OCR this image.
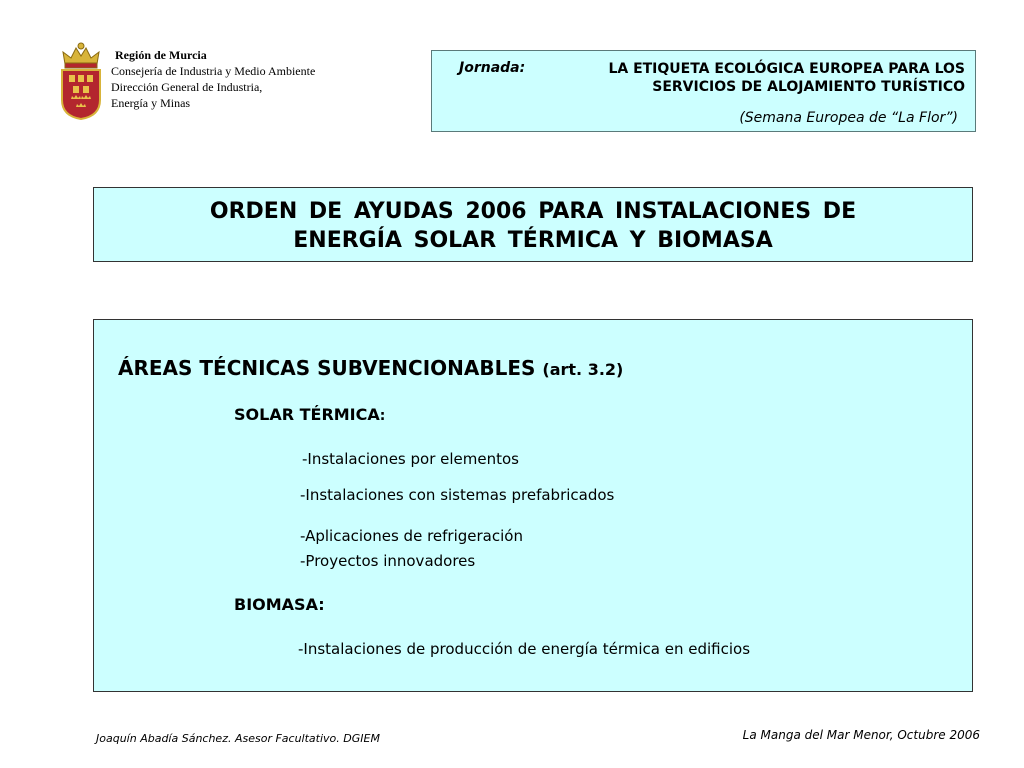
Región de Murcia
Consejería de Industria y Medio Ambiente
Dirección General de Industria,
Energía y Minas
Jornada:	LA ETIQUETA ECOLÓGICA EUROPEA PARA LOS
SERVICIOS DE ALOJAMIENTO TURÍSTICO
(Semana Europea de “La Flor”)
ORDEN DE AYUDAS 2006 PARA INSTALACIONES DE
ENERGÍA SOLAR TÉRMICA Y BIOMASA
ÁREAS TÉCNICAS SUBVENCIONABLES (art. 3.2)
SOLAR TÉRMICA:
-Instalaciones por elementos
-Instalaciones con sistemas prefabricados
-Aplicaciones de refrigeración
-Proyectos innovadores
BIOMASA:
-Instalaciones de producción de energía térmica en edificios
Joaquín Abadía Sánchez. Asesor Facultativo. DGIEM	La Manga del Mar Menor, Octubre 2006
